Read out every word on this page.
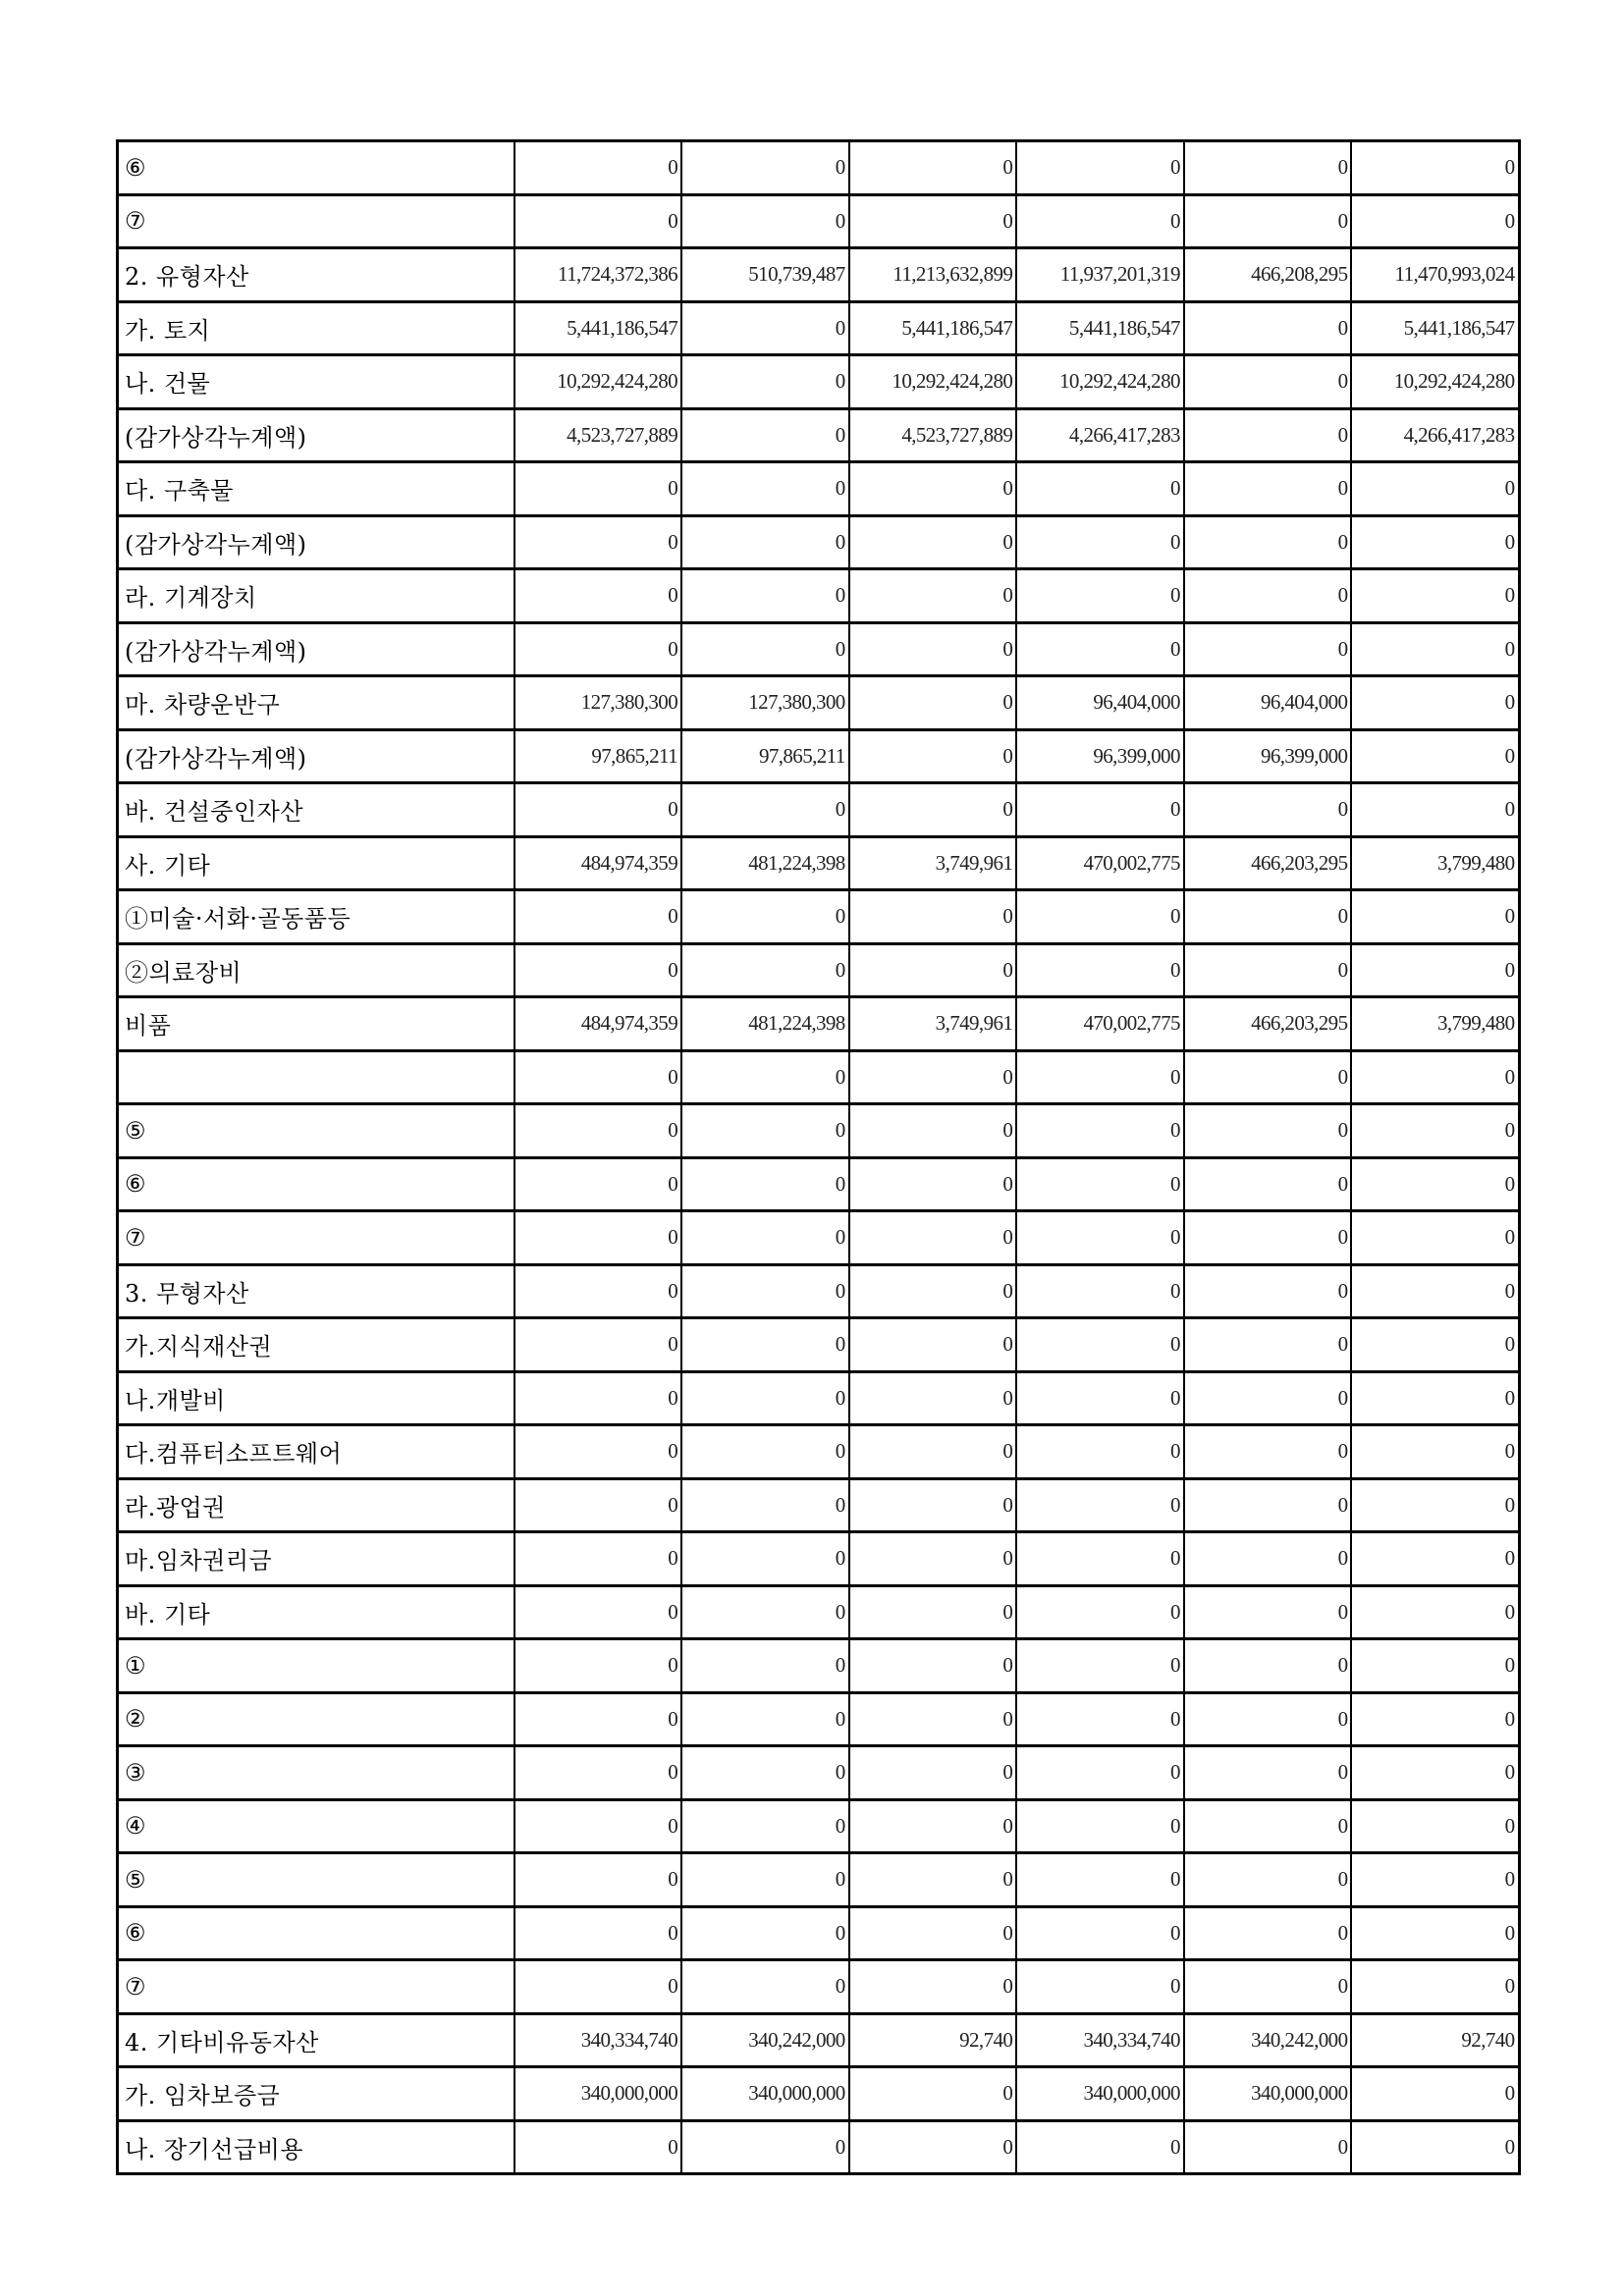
⑥	0	0	0	0	0	0
⑦	0	0	0	0	0	0
2. 유형자산	11,724,372,386	510,739,487	11,213,632,899	11,937,201,319	466,208,295	11,470,993,024
가. 토지	5,441,186,547	0	5,441,186,547	5,441,186,547	0	5,441,186,547
나. 건물	10,292,424,280	0	10,292,424,280	10,292,424,280	0	10,292,424,280
(감가상각누계액)	4,523,727,889	0	4,523,727,889	4,266,417,283	0	4,266,417,283
다. 구축물	0	0	0	0	0	0
(감가상각누계액)	0	0	0	0	0	0
라. 기계장치	0	0	0	0	0	0
(감가상각누계액)	0	0	0	0	0	0
마. 차량운반구	127,380,300	127,380,300	0	96,404,000	96,404,000	0
(감가상각누계액)	97,865,211	97,865,211	0	96,399,000	96,399,000	0
바. 건설중인자산	0	0	0	0	0	0
사. 기타	484,974,359	481,224,398	3,749,961	470,002,775	466,203,295	3,799,480
①미술·서화·골동품등	0	0	0	0	0	0
②의료장비	0	0	0	0	0	0
비품	484,974,359	481,224,398	3,749,961	470,002,775	466,203,295	3,799,480
	0	0	0	0	0	0
⑤	0	0	0	0	0	0
⑥	0	0	0	0	0	0
⑦	0	0	0	0	0	0
3. 무형자산	0	0	0	0	0	0
가.지식재산권	0	0	0	0	0	0
나.개발비	0	0	0	0	0	0
다.컴퓨터소프트웨어	0	0	0	0	0	0
라.광업권	0	0	0	0	0	0
마.임차권리금	0	0	0	0	0	0
바. 기타	0	0	0	0	0	0
①	0	0	0	0	0	0
②	0	0	0	0	0	0
③	0	0	0	0	0	0
④	0	0	0	0	0	0
⑤	0	0	0	0	0	0
⑥	0	0	0	0	0	0
⑦	0	0	0	0	0	0
4. 기타비유동자산	340,334,740	340,242,000	92,740	340,334,740	340,242,000	92,740
가. 임차보증금	340,000,000	340,000,000	0	340,000,000	340,000,000	0
나. 장기선급비용	0	0	0	0	0	0
